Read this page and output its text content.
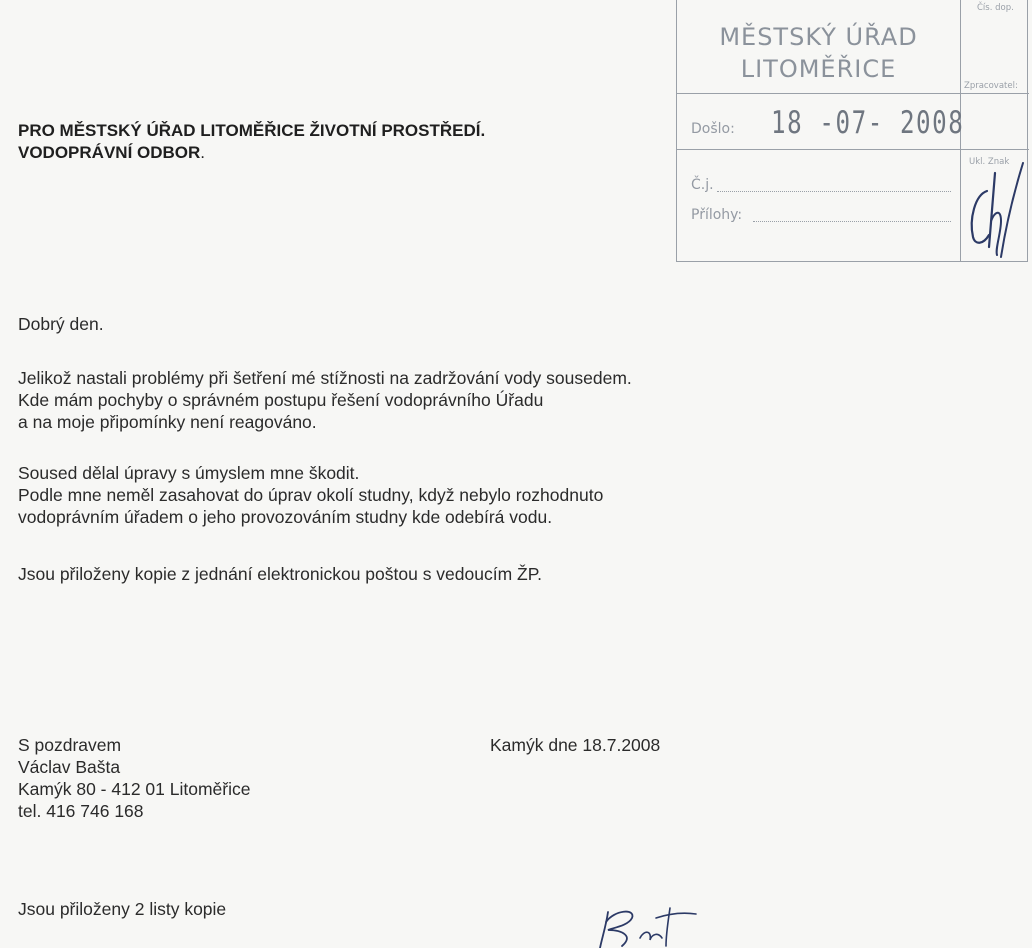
PRO MĚSTSKÝ ÚŘAD LITOMĚŘICE ŽIVOTNÍ PROSTŘEDÍ.
VODOPRÁVNÍ ODBOR.
MĚSTSKÝ ÚŘAD
LITOMĚŘICE
Došlo: 18 -07- 2008
Č.j.
Přílohy:
Čís. dop.
Zpracovatel:
Ukl. Znak
Dobrý den.
Jelikož nastali problémy při šetření mé stížnosti na zadržování vody sousedem.
Kde mám pochyby o správném postupu řešení vodoprávního Úřadu
a na moje připomínky není reagováno.
Soused dělal úpravy s úmyslem mne škodit.
Podle mne neměl zasahovat do úprav okolí studny, když nebylo rozhodnuto
vodoprávním úřadem o jeho provozováním studny kde odebírá vodu.
Jsou přiloženy kopie z jednání elektronickou poštou s vedoucím ŽP.
S pozdravem
Václav Bašta
Kamýk 80 - 412 01 Litoměřice
tel. 416 746 168
Kamýk dne 18.7.2008
Jsou přiloženy 2 listy kopie
